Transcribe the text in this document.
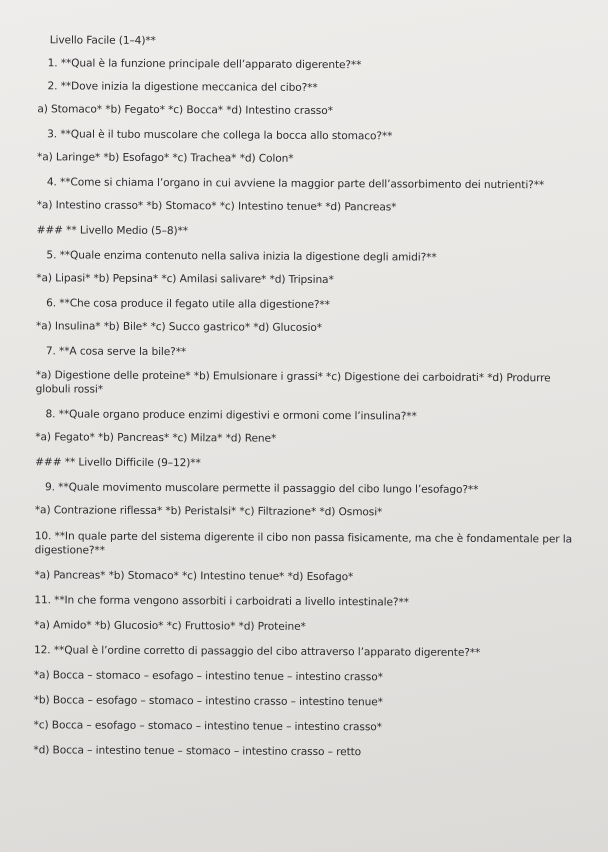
Livello Facile (1–4)**

1. **Qual è la funzione principale dell’apparato digerente?**

2. **Dove inizia la digestione meccanica del cibo?**

a) Stomaco* *b) Fegato* *c) Bocca* *d) Intestino crasso*

3. **Qual è il tubo muscolare che collega la bocca allo stomaco?**

*a) Laringe* *b) Esofago* *c) Trachea* *d) Colon*

4. **Come si chiama l’organo in cui avviene la maggior parte dell’assorbimento dei nutrienti?**

*a) Intestino crasso* *b) Stomaco* *c) Intestino tenue* *d) Pancreas*

### ** Livello Medio (5–8)**

5. **Quale enzima contenuto nella saliva inizia la digestione degli amidi?**

*a) Lipasi* *b) Pepsina* *c) Amilasi salivare* *d) Tripsina*

6. **Che cosa produce il fegato utile alla digestione?**

*a) Insulina* *b) Bile* *c) Succo gastrico* *d) Glucosio*

7. **A cosa serve la bile?**

*a) Digestione delle proteine* *b) Emulsionare i grassi* *c) Digestione dei carboidrati* *d) Produrre globuli rossi*

8. **Quale organo produce enzimi digestivi e ormoni come l’insulina?**

*a) Fegato* *b) Pancreas* *c) Milza* *d) Rene*

### ** Livello Difficile (9–12)**

9. **Quale movimento muscolare permette il passaggio del cibo lungo l’esofago?**

*a) Contrazione riflessa* *b) Peristalsi* *c) Filtrazione* *d) Osmosi*

10. **In quale parte del sistema digerente il cibo non passa fisicamente, ma che è fondamentale per la digestione?**

*a) Pancreas* *b) Stomaco* *c) Intestino tenue* *d) Esofago*

11. **In che forma vengono assorbiti i carboidrati a livello intestinale?**

*a) Amido* *b) Glucosio* *c) Fruttosio* *d) Proteine*

12. **Qual è l’ordine corretto di passaggio del cibo attraverso l’apparato digerente?**

*a) Bocca – stomaco – esofago – intestino tenue – intestino crasso*

*b) Bocca – esofago – stomaco – intestino crasso – intestino tenue*

*c) Bocca – esofago – stomaco – intestino tenue – intestino crasso*

*d) Bocca – intestino tenue – stomaco – intestino crasso – retto
